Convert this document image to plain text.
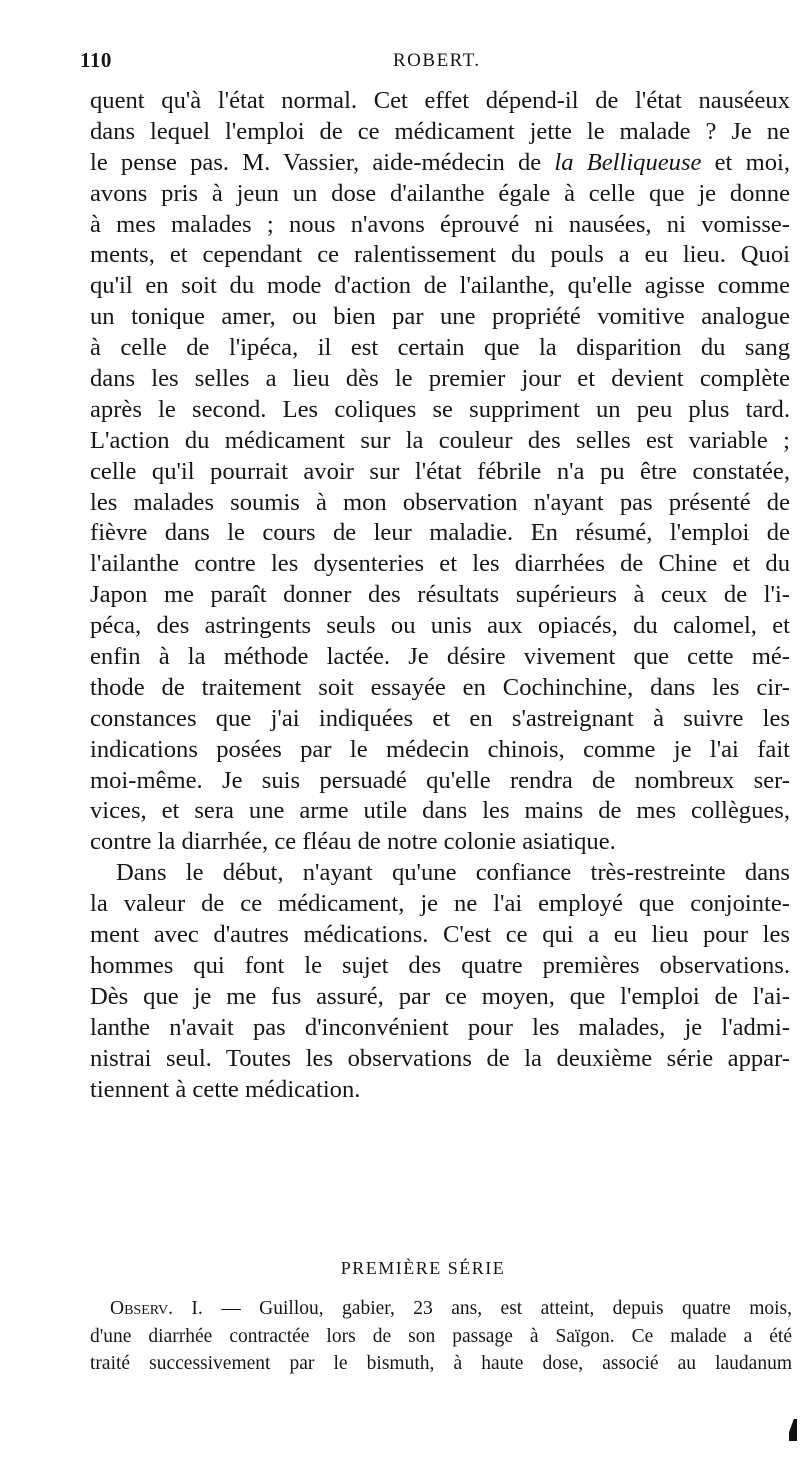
110	ROBERT.
quent qu'à l'état normal. Cet effet dépend-il de l'état nauséeux
dans lequel l'emploi de ce médicament jette le malade ? Je ne
le pense pas. M. Vassier, aide-médecin de la Belliqueuse et moi,
avons pris à jeun un dose d'ailanthe égale à celle que je donne
à mes malades ; nous n'avons éprouvé ni nausées, ni vomisse-
ments, et cependant ce ralentissement du pouls a eu lieu. Quoi
qu'il en soit du mode d'action de l'ailanthe, qu'elle agisse comme
un tonique amer, ou bien par une propriété vomitive analogue
à celle de l'ipéca, il est certain que la disparition du sang
dans les selles a lieu dès le premier jour et devient complète
après le second. Les coliques se suppriment un peu plus tard.
L'action du médicament sur la couleur des selles est variable ;
celle qu'il pourrait avoir sur l'état fébrile n'a pu être constatée,
les malades soumis à mon observation n'ayant pas présenté de
fièvre dans le cours de leur maladie. En résumé, l'emploi de
l'ailanthe contre les dysenteries et les diarrhées de Chine et du
Japon me paraît donner des résultats supérieurs à ceux de l'i-
péca, des astringents seuls ou unis aux opiacés, du calomel, et
enfin à la méthode lactée. Je désire vivement que cette mé-
thode de traitement soit essayée en Cochinchine, dans les cir-
constances que j'ai indiquées et en s'astreignant à suivre les
indications posées par le médecin chinois, comme je l'ai fait
moi-même. Je suis persuadé qu'elle rendra de nombreux ser-
vices, et sera une arme utile dans les mains de mes collègues,
contre la diarrhée, ce fléau de notre colonie asiatique.
Dans le début, n'ayant qu'une confiance très-restreinte dans
la valeur de ce médicament, je ne l'ai employé que conjointe-
ment avec d'autres médications. C'est ce qui a eu lieu pour les
hommes qui font le sujet des quatre premières observations.
Dès que je me fus assuré, par ce moyen, que l'emploi de l'ai-
lanthe n'avait pas d'inconvénient pour les malades, je l'admi-
nistrai seul. Toutes les observations de la deuxième série appar-
tiennent à cette médication.
PREMIÈRE SÉRIE
Observ. I. — Guillou, gabier, 23 ans, est atteint, depuis quatre mois,
d'une diarrhée contractée lors de son passage à Saïgon. Ce malade a été
traité successivement par le bismuth, à haute dose, associé au laudanum
